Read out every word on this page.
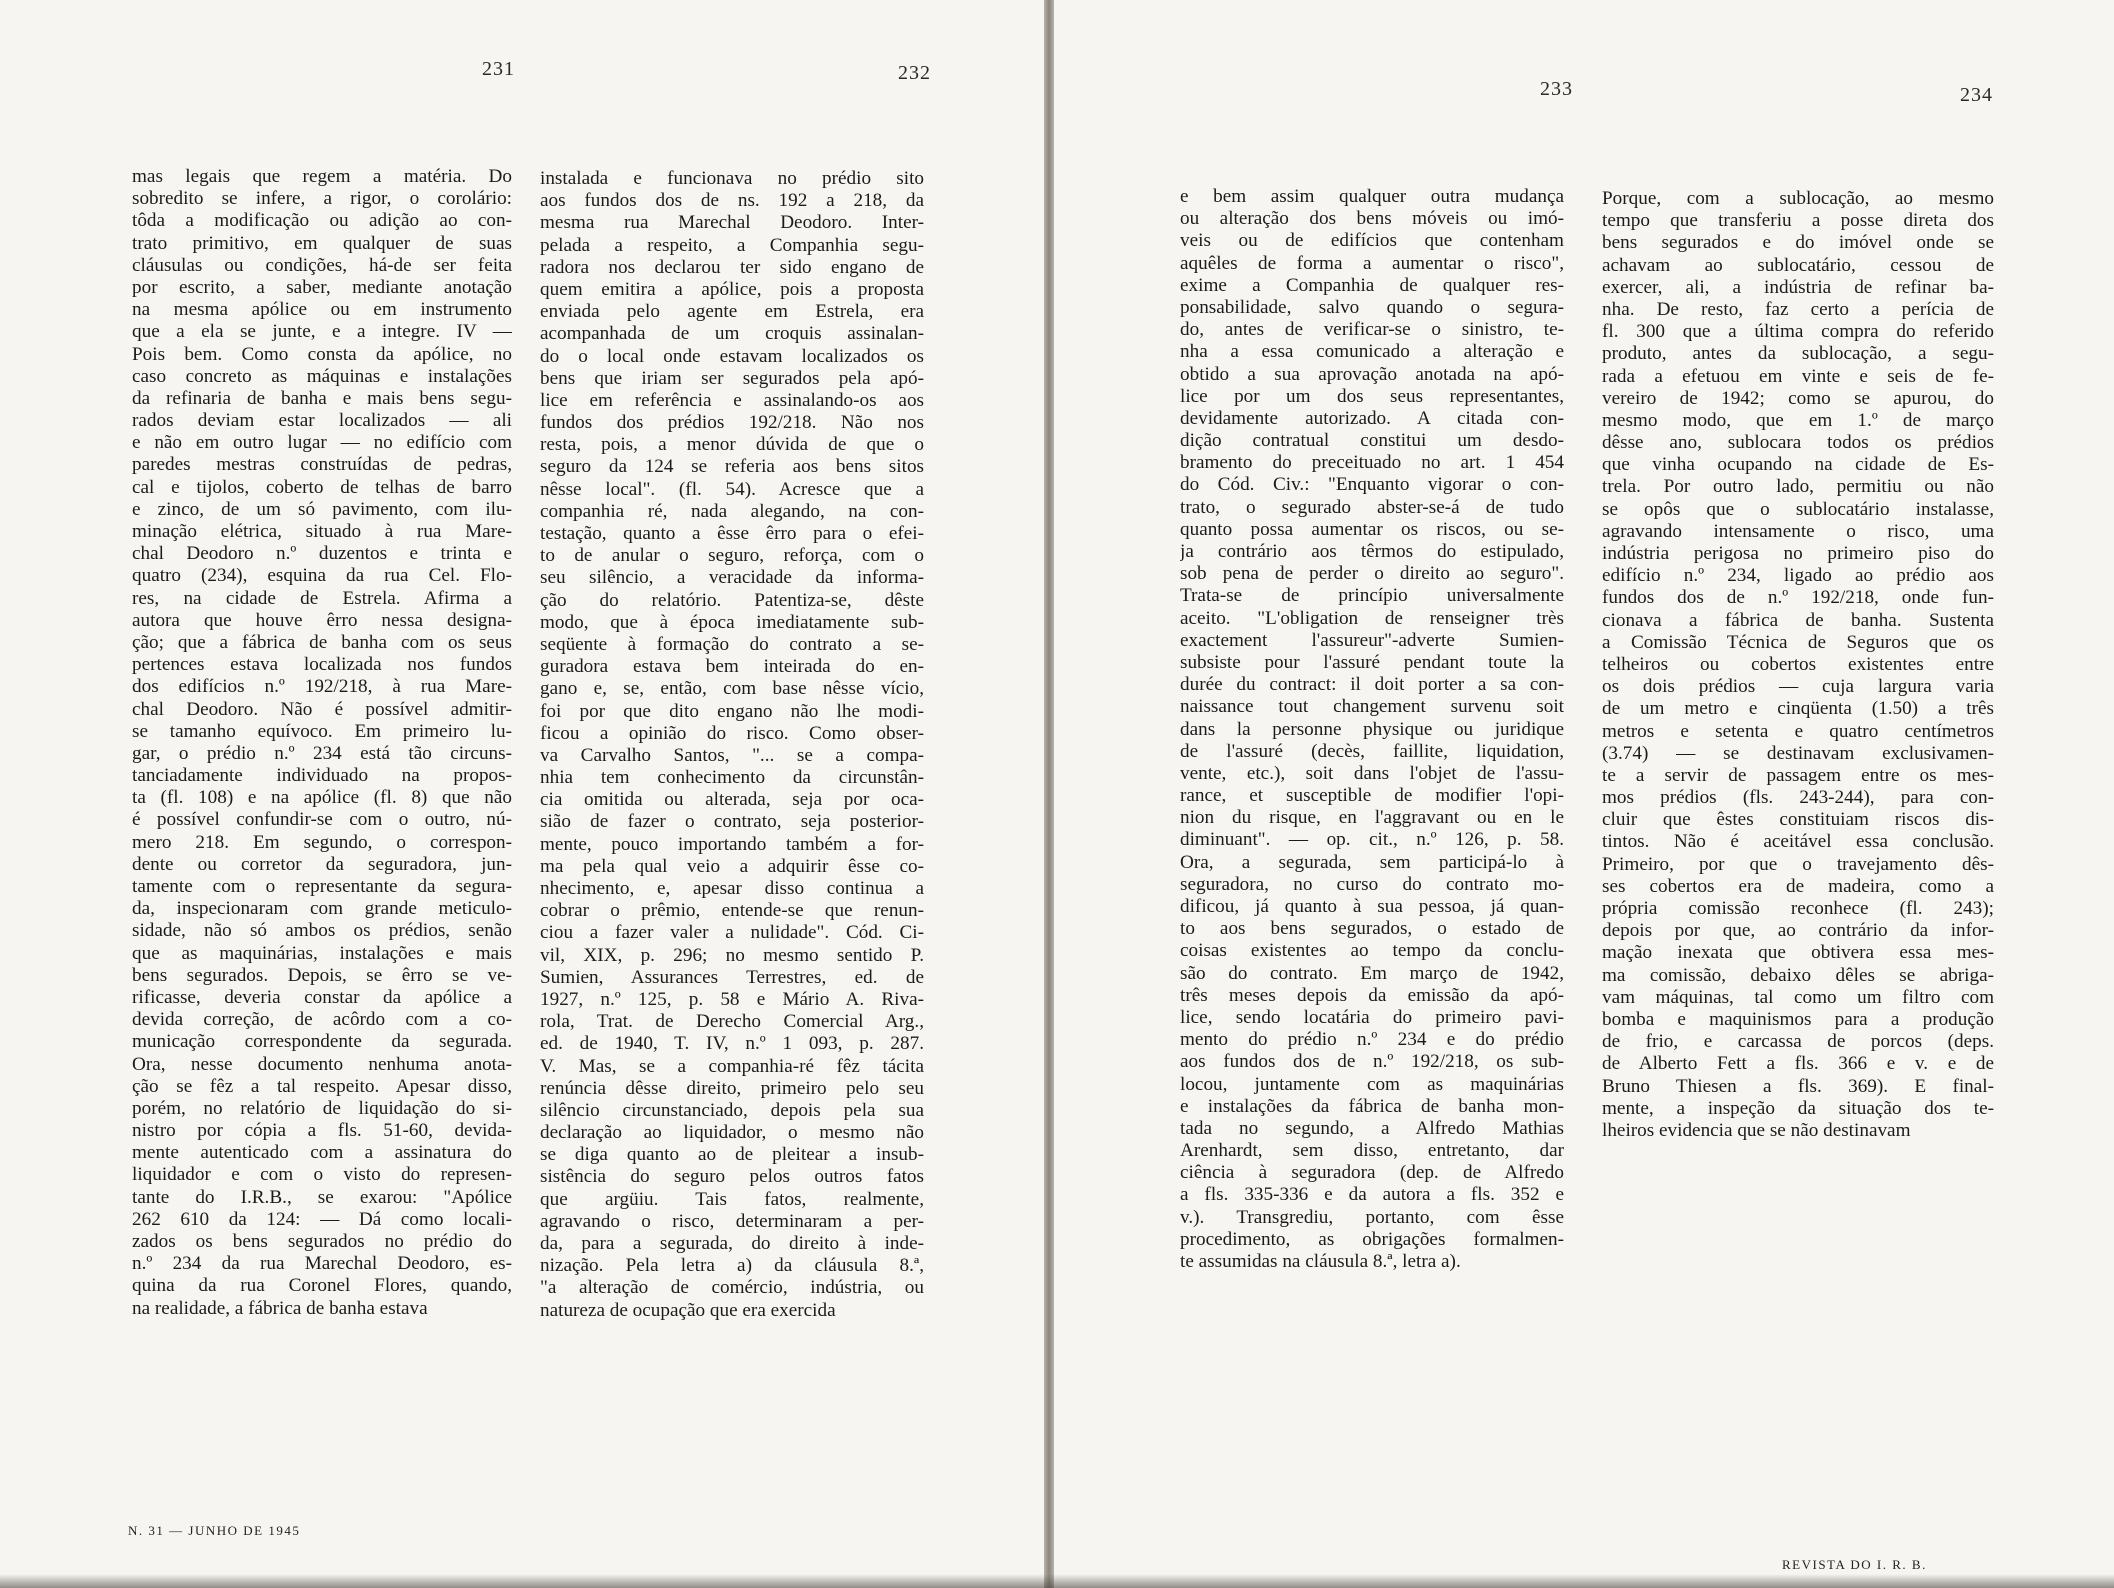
231	232

mas legais que regem a matéria. Do
sobredito se infere, a rigor, o corolário:
tôda a modificação ou adição ao con-
trato primitivo, em qualquer de suas
cláusulas ou condições, há-de ser feita
por escrito, a saber, mediante anotação
na mesma apólice ou em instrumento
que a ela se junte, e a integre. IV —
Pois bem. Como consta da apólice, no
caso concreto as máquinas e instalações
da refinaria de banha e mais bens segu-
rados deviam estar localizados — ali
e não em outro lugar — no edifício com
paredes mestras construídas de pedras,
cal e tijolos, coberto de telhas de barro
e zinco, de um só pavimento, com ilu-
minação elétrica, situado à rua Mare-
chal Deodoro n.º duzentos e trinta e
quatro (234), esquina da rua Cel. Flo-
res, na cidade de Estrela. Afirma a
autora que houve êrro nessa designa-
ção; que a fábrica de banha com os seus
pertences estava localizada nos fundos
dos edifícios n.º 192/218, à rua Mare-
chal Deodoro. Não é possível admitir-
se tamanho equívoco. Em primeiro lu-
gar, o prédio n.º 234 está tão circuns-
tanciadamente individuado na propos-
ta (fl. 108) e na apólice (fl. 8) que não
é possível confundir-se com o outro, nú-
mero 218. Em segundo, o correspon-
dente ou corretor da seguradora, jun-
tamente com o representante da segura-
da, inspecionaram com grande meticulo-
sidade, não só ambos os prédios, senão
que as maquinárias, instalações e mais
bens segurados. Depois, se êrro se ve-
rificasse, deveria constar da apólice a
devida correção, de acôrdo com a co-
municação correspondente da segurada.
Ora, nesse documento nenhuma anota-
ção se fêz a tal respeito. Apesar disso,
porém, no relatório de liquidação do si-
nistro por cópia a fls. 51-60, devida-
mente autenticado com a assinatura do
liquidador e com o visto do represen-
tante do I.R.B., se exarou: "Apólice
262 610 da 124: — Dá como locali-
zados os bens segurados no prédio do
n.º 234 da rua Marechal Deodoro, es-
quina da rua Coronel Flores, quando,
na realidade, a fábrica de banha estava

instalada e funcionava no prédio sito
aos fundos dos de ns. 192 a 218, da
mesma rua Marechal Deodoro. Inter-
pelada a respeito, a Companhia segu-
radora nos declarou ter sido engano de
quem emitira a apólice, pois a proposta
enviada pelo agente em Estrela, era
acompanhada de um croquis assinalan-
do o local onde estavam localizados os
bens que iriam ser segurados pela apó-
lice em referência e assinalando-os aos
fundos dos prédios 192/218. Não nos
resta, pois, a menor dúvida de que o
seguro da 124 se referia aos bens sitos
nêsse local". (fl. 54). Acresce que a
companhia ré, nada alegando, na con-
testação, quanto a êsse êrro para o efei-
to de anular o seguro, reforça, com o
seu silêncio, a veracidade da informa-
ção do relatório. Patentiza-se, dêste
modo, que à época imediatamente sub-
seqüente à formação do contrato a se-
guradora estava bem inteirada do en-
gano e, se, então, com base nêsse vício,
foi por que dito engano não lhe modi-
ficou a opinião do risco. Como obser-
va Carvalho Santos, "... se a compa-
nhia tem conhecimento da circunstân-
cia omitida ou alterada, seja por oca-
sião de fazer o contrato, seja posterior-
mente, pouco importando também a for-
ma pela qual veio a adquirir êsse co-
nhecimento, e, apesar disso continua a
cobrar o prêmio, entende-se que renun-
ciou a fazer valer a nulidade". Cód. Ci-
vil, XIX, p. 296; no mesmo sentido P.
Sumien, Assurances Terrestres, ed. de
1927, n.º 125, p. 58 e Mário A. Riva-
rola, Trat. de Derecho Comercial Arg.,
ed. de 1940, T. IV, n.º 1 093, p. 287.
V. Mas, se a companhia-ré fêz tácita
renúncia dêsse direito, primeiro pelo seu
silêncio circunstanciado, depois pela sua
declaração ao liquidador, o mesmo não
se diga quanto ao de pleitear a insub-
sistência do seguro pelos outros fatos
que argüiu. Tais fatos, realmente,
agravando o risco, determinaram a per-
da, para a segurada, do direito à inde-
nização. Pela letra a) da cláusula 8.ª,
"a alteração de comércio, indústria, ou
natureza de ocupação que era exercida

N. 31 — JUNHO DE 1945
233	234

e bem assim qualquer outra mudança
ou alteração dos bens móveis ou imó-
veis ou de edifícios que contenham
aquêles de forma a aumentar o risco",
exime a Companhia de qualquer res-
ponsabilidade, salvo quando o segura-
do, antes de verificar-se o sinistro, te-
nha a essa comunicado a alteração e
obtido a sua aprovação anotada na apó-
lice por um dos seus representantes,
devidamente autorizado. A citada con-
dição contratual constitui um desdo-
bramento do preceituado no art. 1 454
do Cód. Civ.: "Enquanto vigorar o con-
trato, o segurado abster-se-á de tudo
quanto possa aumentar os riscos, ou se-
ja contrário aos têrmos do estipulado,
sob pena de perder o direito ao seguro".
Trata-se de princípio universalmente
aceito. "L'obligation de renseigner très
exactement l'assureur"-adverte Sumien-
subsiste pour l'assuré pendant toute la
durée du contract: il doit porter a sa con-
naissance tout changement survenu soit
dans la personne physique ou juridique
de l'assuré (decès, faillite, liquidation,
vente, etc.), soit dans l'objet de l'assu-
rance, et susceptible de modifier l'opi-
nion du risque, en l'aggravant ou en le
diminuant". — op. cit., n.º 126, p. 58.
Ora, a segurada, sem participá-lo à
seguradora, no curso do contrato mo-
dificou, já quanto à sua pessoa, já quan-
to aos bens segurados, o estado de
coisas existentes ao tempo da conclu-
são do contrato. Em março de 1942,
três meses depois da emissão da apó-
lice, sendo locatária do primeiro pavi-
mento do prédio n.º 234 e do prédio
aos fundos dos de n.º 192/218, os sub-
locou, juntamente com as maquinárias
e instalações da fábrica de banha mon-
tada no segundo, a Alfredo Mathias
Arenhardt, sem disso, entretanto, dar
ciência à seguradora (dep. de Alfredo
a fls. 335-336 e da autora a fls. 352 e
v.). Transgrediu, portanto, com êsse
procedimento, as obrigações formalmen-
te assumidas na cláusula 8.ª, letra a).

Porque, com a sublocação, ao mesmo
tempo que transferiu a posse direta dos
bens segurados e do imóvel onde se
achavam ao sublocatário, cessou de
exercer, ali, a indústria de refinar ba-
nha. De resto, faz certo a perícia de
fl. 300 que a última compra do referido
produto, antes da sublocação, a segu-
rada a efetuou em vinte e seis de fe-
vereiro de 1942; como se apurou, do
mesmo modo, que em 1.º de março
dêsse ano, sublocara todos os prédios
que vinha ocupando na cidade de Es-
trela. Por outro lado, permitiu ou não
se opôs que o sublocatário instalasse,
agravando intensamente o risco, uma
indústria perigosa no primeiro piso do
edifício n.º 234, ligado ao prédio aos
fundos dos de n.º 192/218, onde fun-
cionava a fábrica de banha. Sustenta
a Comissão Técnica de Seguros que os
telheiros ou cobertos existentes entre
os dois prédios — cuja largura varia
de um metro e cinqüenta (1.50) a três
metros e setenta e quatro centímetros
(3.74) — se destinavam exclusivamen-
te a servir de passagem entre os mes-
mos prédios (fls. 243-244), para con-
cluir que êstes constituiam riscos dis-
tintos. Não é aceitável essa conclusão.
Primeiro, por que o travejamento dês-
ses cobertos era de madeira, como a
própria comissão reconhece (fl. 243);
depois por que, ao contrário da infor-
mação inexata que obtivera essa mes-
ma comissão, debaixo dêles se abriga-
vam máquinas, tal como um filtro com
bomba e maquinismos para a produção
de frio, e carcassa de porcos (deps.
de Alberto Fett a fls. 366 e v. e de
Bruno Thiesen a fls. 369). E final-
mente, a inspeção da situação dos te-
lheiros evidencia que se não destinavam

REVISTA DO I. R. B.
